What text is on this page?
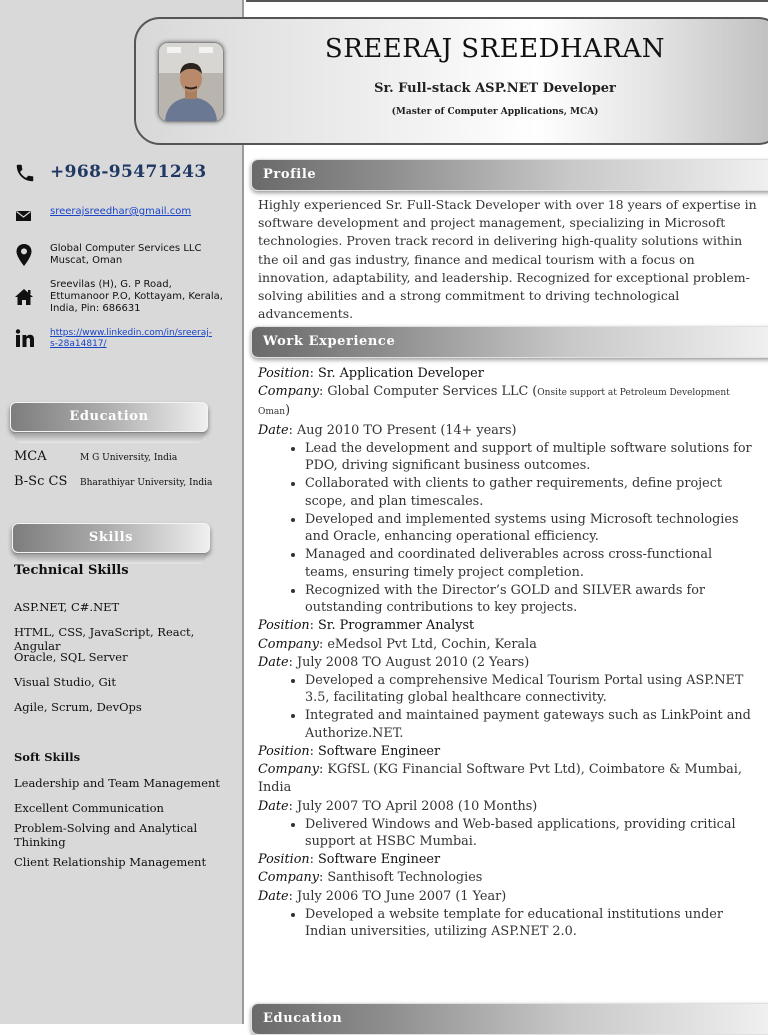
SREERAJ SREEDHARAN
Sr. Full-stack ASP.NET Developer
(Master of Computer Applications, MCA)
+968-95471243
sreerajsreedhar@gmail.com
Global Computer Services LLC
Muscat, Oman
Sreevilas (H), G. P Road,
Ettumanoor P.O, Kottayam, Kerala,
India, Pin: 686631
https://www.linkedin.com/in/sreeraj-
s-28a14817/
Education
MCA	M G University, India
B-Sc CS	Bharathiyar University, India
Skills
Technical Skills
ASP.NET, C#.NET
HTML, CSS, JavaScript, React, Angular
Oracle, SQL Server
Visual Studio, Git
Agile, Scrum, DevOps
Soft Skills
Leadership and Team Management
Excellent Communication
Problem-Solving and Analytical Thinking
Client Relationship Management
Profile
Highly experienced Sr. Full-Stack Developer with over 18 years of expertise in software development and project management, specializing in Microsoft technologies. Proven track record in delivering high-quality solutions within the oil and gas industry, finance and medical tourism with a focus on innovation, adaptability, and leadership. Recognized for exceptional problem-solving abilities and a strong commitment to driving technological advancements.
Work Experience
Position: Sr. Application Developer
Company: Global Computer Services LLC (Onsite support at Petroleum Development Oman)
Date: Aug 2010 TO Present (14+ years)
• Lead the development and support of multiple software solutions for PDO, driving significant business outcomes.
• Collaborated with clients to gather requirements, define project scope, and plan timescales.
• Developed and implemented systems using Microsoft technologies and Oracle, enhancing operational efficiency.
• Managed and coordinated deliverables across cross-functional teams, ensuring timely project completion.
• Recognized with the Director’s GOLD and SILVER awards for outstanding contributions to key projects.
Position: Sr. Programmer Analyst
Company: eMedsol Pvt Ltd, Cochin, Kerala
Date: July 2008 TO August 2010 (2 Years)
• Developed a comprehensive Medical Tourism Portal using ASP.NET 3.5, facilitating global healthcare connectivity.
• Integrated and maintained payment gateways such as LinkPoint and Authorize.NET.
Position: Software Engineer
Company: KGfSL (KG Financial Software Pvt Ltd), Coimbatore & Mumbai, India
Date: July 2007 TO April 2008 (10 Months)
• Delivered Windows and Web-based applications, providing critical support at HSBC Mumbai.
Position: Software Engineer
Company: Santhisoft Technologies
Date: July 2006 TO June 2007 (1 Year)
• Developed a website template for educational institutions under Indian universities, utilizing ASP.NET 2.0.
Education
